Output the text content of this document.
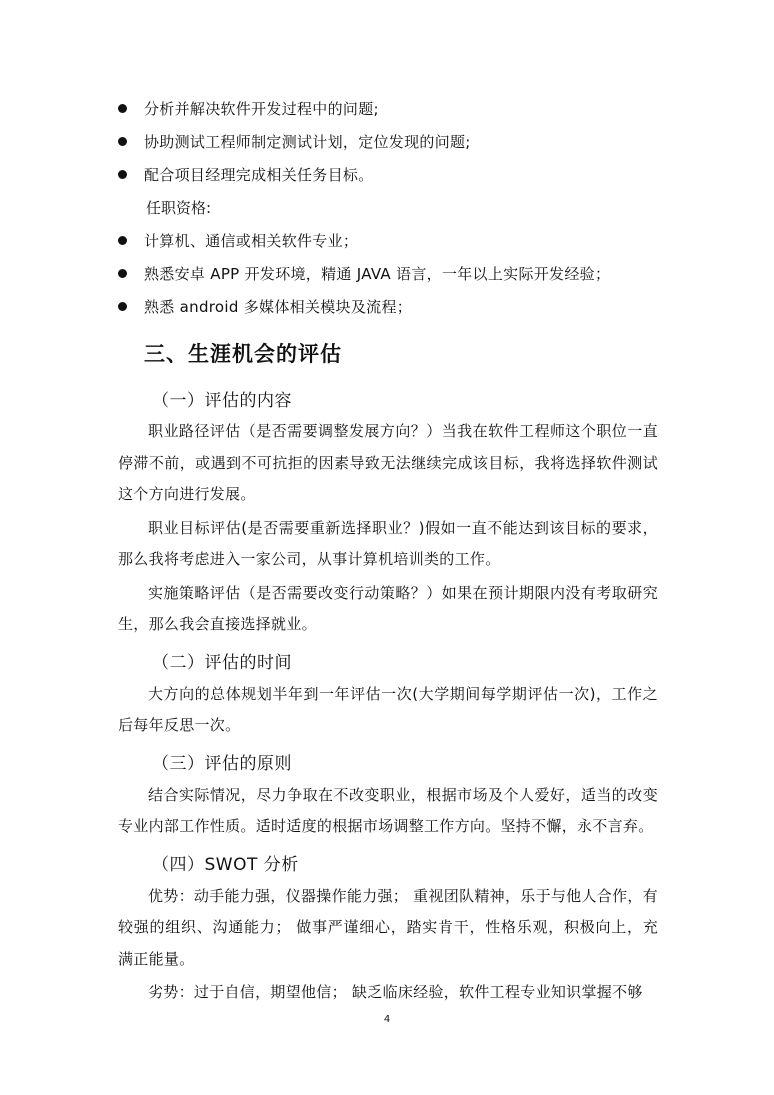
分析并解决软件开发过程中的问题;
协助测试工程师制定测试计划，定位发现的问题;
配合项目经理完成相关任务目标。
任职资格:
计算机、通信或相关软件专业；
熟悉安卓 APP 开发环境，精通 JAVA 语言，一年以上实际开发经验；
熟悉 android 多媒体相关模块及流程；
三、生涯机会的评估
（一）评估的内容
职业路径评估（是否需要调整发展方向？）当我在软件工程师这个职位一直停滞不前，或遇到不可抗拒的因素导致无法继续完成该目标，我将选择软件测试这个方向进行发展。
职业目标评估(是否需要重新选择职业？)假如一直不能达到该目标的要求，那么我将考虑进入一家公司，从事计算机培训类的工作。
实施策略评估（是否需要改变行动策略？）如果在预计期限内没有考取研究生，那么我会直接选择就业。
（二）评估的时间
大方向的总体规划半年到一年评估一次(大学期间每学期评估一次)，工作之后每年反思一次。
（三）评估的原则
结合实际情况，尽力争取在不改变职业，根据市场及个人爱好，适当的改变专业内部工作性质。适时适度的根据市场调整工作方向。坚持不懈，永不言弃。
（四）SWOT 分析
优势：动手能力强，仪器操作能力强； 重视团队精神，乐于与他人合作，有较强的组织、沟通能力； 做事严谨细心，踏实肯干，性格乐观，积极向上，充满正能量。
劣势：过于自信，期望他信； 缺乏临床经验，软件工程专业知识掌握不够
4
